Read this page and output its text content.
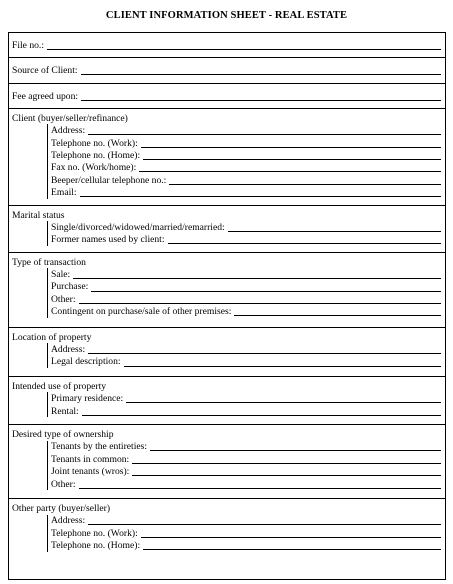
CLIENT INFORMATION SHEET - REAL ESTATE
File no.:
Source of Client:
Fee agreed upon:
Client (buyer/seller/refinance)
Address:
Telephone no. (Work):
Telephone no. (Home):
Fax no. (Work/home):
Beeper/cellular telephone no.:
Email:
Marital status
Single/divorced/widowed/married/remarried:
Former names used by client:
Type of transaction
Sale:
Purchase:
Other:
Contingent on purchase/sale of other premises:
Location of property
Address:
Legal description:
Intended use of property
Primary residence:
Rental:
Desired type of ownership
Tenants by the entireties:
Tenants in common:
Joint tenants (wros):
Other:
Other party (buyer/seller)
Address:
Telephone no. (Work):
Telephone no. (Home):
